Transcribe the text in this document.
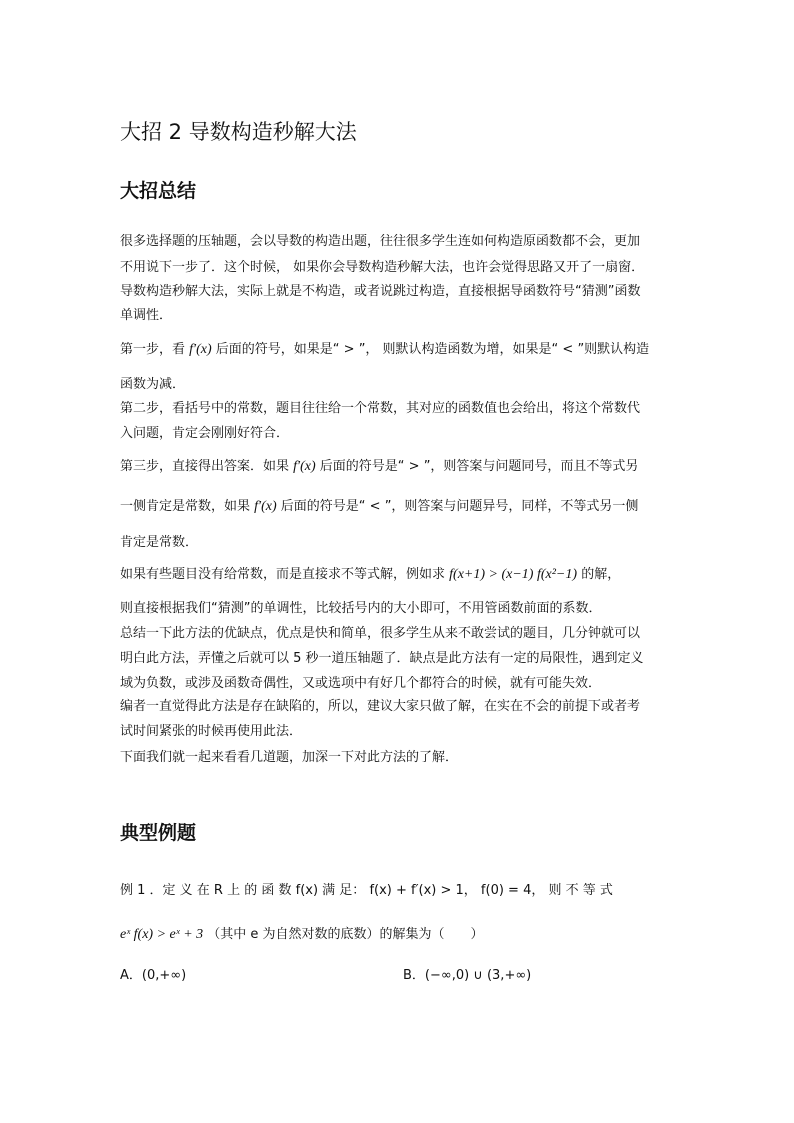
大招 2 导数构造秒解大法
大招总结
很多选择题的压轴题，会以导数的构造出题，往往很多学生连如何构造原函数都不会，更加
不用说下一步了．这个时候， 如果你会导数构造秒解大法，也许会觉得思路又开了一扇窗．
导数构造秒解大法，实际上就是不构造，或者说跳过构造，直接根据导函数符号“猜测”函数
单调性．
第一步，看 f′(x) 后面的符号，如果是“ > ”， 则默认构造函数为增，如果是“ < ”则默认构造
函数为减．
第二步，看括号中的常数，题目往往给一个常数，其对应的函数值也会给出，将这个常数代
入问题，肯定会刚刚好符合．
第三步，直接得出答案．如果 f′(x) 后面的符号是“ > ”，则答案与问题同号，而且不等式另
一侧肯定是常数，如果 f′(x) 后面的符号是“ < ”，则答案与问题异号，同样，不等式另一侧
肯定是常数．
如果有些题目没有给常数，而是直接求不等式解，例如求 f(x+1) > (x−1) f(x²−1) 的解，
则直接根据我们“猜测”的单调性，比较括号内的大小即可，不用管函数前面的系数．
总结一下此方法的优缺点，优点是快和简单，很多学生从来不敢尝试的题目，几分钟就可以
明白此方法，弄懂之后就可以 5 秒一道压轴题了．缺点是此方法有一定的局限性，遇到定义
域为负数，或涉及函数奇偶性，又或选项中有好几个都符合的时候，就有可能失效．
编者一直觉得此方法是存在缺陷的，所以，建议大家只做了解，在实在不会的前提下或者考
试时间紧张的时候再使用此法．
下面我们就一起来看看几道题，加深一下对此方法的了解．
典型例题
例 1 ．定 义 在 R 上 的 函 数 f(x) 满 足： f(x) + f′(x) > 1， f(0) = 4， 则 不 等 式
eˣ f(x) > eˣ + 3 （其中 e 为自然对数的底数）的解集为（　　）
A．(0,+∞)	B．(−∞,0) ∪ (3,+∞)
